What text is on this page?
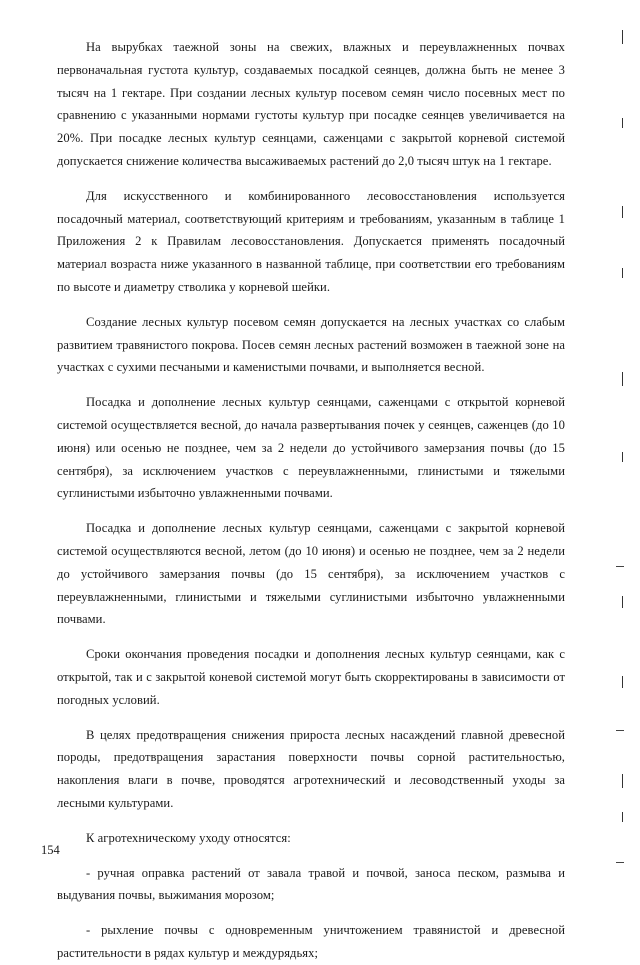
На вырубках таежной зоны на свежих, влажных и переувлажненных почвах первоначальная густота культур, создаваемых посадкой сеянцев, должна быть не менее 3 тысяч на 1 гектаре. При создании лесных культур посевом семян число посевных мест по сравнению с указанными нормами густоты культур при посадке сеянцев увеличивается на 20%. При посадке лесных культур сеянцами, саженцами с закрытой корневой системой допускается снижение количества высаживаемых растений до 2,0 тысяч штук на 1 гектаре.

Для искусственного и комбинированного лесовосстановления используется посадочный материал, соответствующий критериям и требованиям, указанным в таблице 1 Приложения 2 к Правилам лесовосстановления. Допускается применять посадочный материал возраста ниже указанного в названной таблице, при соответствии его требованиям по высоте и диаметру стволика у корневой шейки.

Создание лесных культур посевом семян допускается на лесных участках со слабым развитием травянистого покрова. Посев семян лесных растений возможен в таежной зоне на участках с сухими песчаными и каменистыми почвами, и выполняется весной.

Посадка и дополнение лесных культур сеянцами, саженцами с открытой корневой системой осуществляется весной, до начала развертывания почек у сеянцев, саженцев (до 10 июня) или осенью не позднее, чем за 2 недели до устойчивого замерзания почвы (до 15 сентября), за исключением участков с переувлажненными, глинистыми и тяжелыми суглинистыми избыточно увлажненными почвами.

Посадка и дополнение лесных культур сеянцами, саженцами с закрытой корневой системой осуществляются весной, летом (до 10 июня) и осенью не позднее, чем за 2 недели до устойчивого замерзания почвы (до 15 сентября), за исключением участков с переувлажненными, глинистыми и тяжелыми суглинистыми избыточно увлажненными почвами.

Сроки окончания проведения посадки и дополнения лесных культур сеянцами, как с открытой, так и с закрытой коневой системой могут быть скорректированы в зависимости от погодных условий.

В целях предотвращения снижения прироста лесных насаждений главной древесной породы, предотвращения зарастания поверхности почвы сорной растительностью, накопления влаги в почве, проводятся агротехнический и лесоводственный уходы за лесными культурами.

К агротехническому уходу относятся:

- ручная оправка растений от завала травой и почвой, заноса песком, размыва и выдувания почвы, выжимания морозом;

- рыхление почвы с одновременным уничтожением травянистой и древесной растительности в рядах культур и междурядьях;

154
